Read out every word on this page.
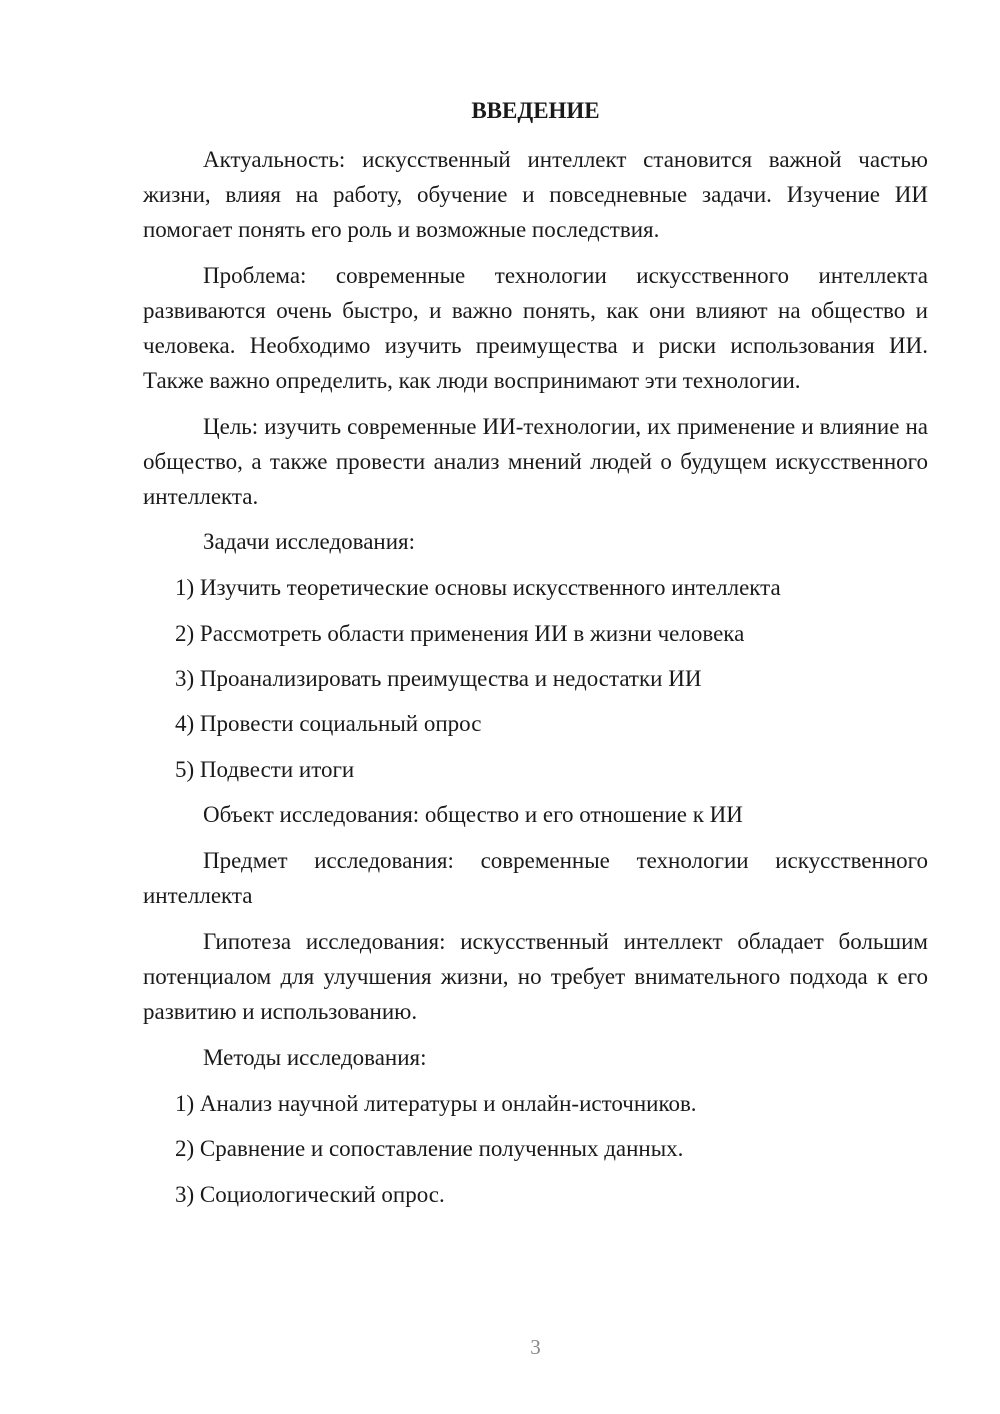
ВВЕДЕНИЕ

Актуальность: искусственный интеллект становится важной частью жизни, влияя на работу, обучение и повседневные задачи. Изучение ИИ помогает понять его роль и возможные последствия.

Проблема: современные технологии искусственного интеллекта развиваются очень быстро, и важно понять, как они влияют на общество и человека. Необходимо изучить преимущества и риски использования ИИ. Также важно определить, как люди воспринимают эти технологии.

Цель: изучить современные ИИ-технологии, их применение и влияние на общество, а также провести анализ мнений людей о будущем искусственного интеллекта.

Задачи исследования:

1) Изучить теоретические основы искусственного интеллекта

2) Рассмотреть области применения ИИ в жизни человека

3) Проанализировать преимущества и недостатки ИИ

4) Провести социальный опрос

5) Подвести итоги

Объект исследования: общество и его отношение к ИИ

Предмет исследования: современные технологии искусственного интеллекта

Гипотеза исследования: искусственный интеллект обладает большим потенциалом для улучшения жизни, но требует внимательного подхода к его развитию и использованию.

Методы исследования:

1) Анализ научной литературы и онлайн-источников.

2) Сравнение и сопоставление полученных данных.

3) Социологический опрос.

3
